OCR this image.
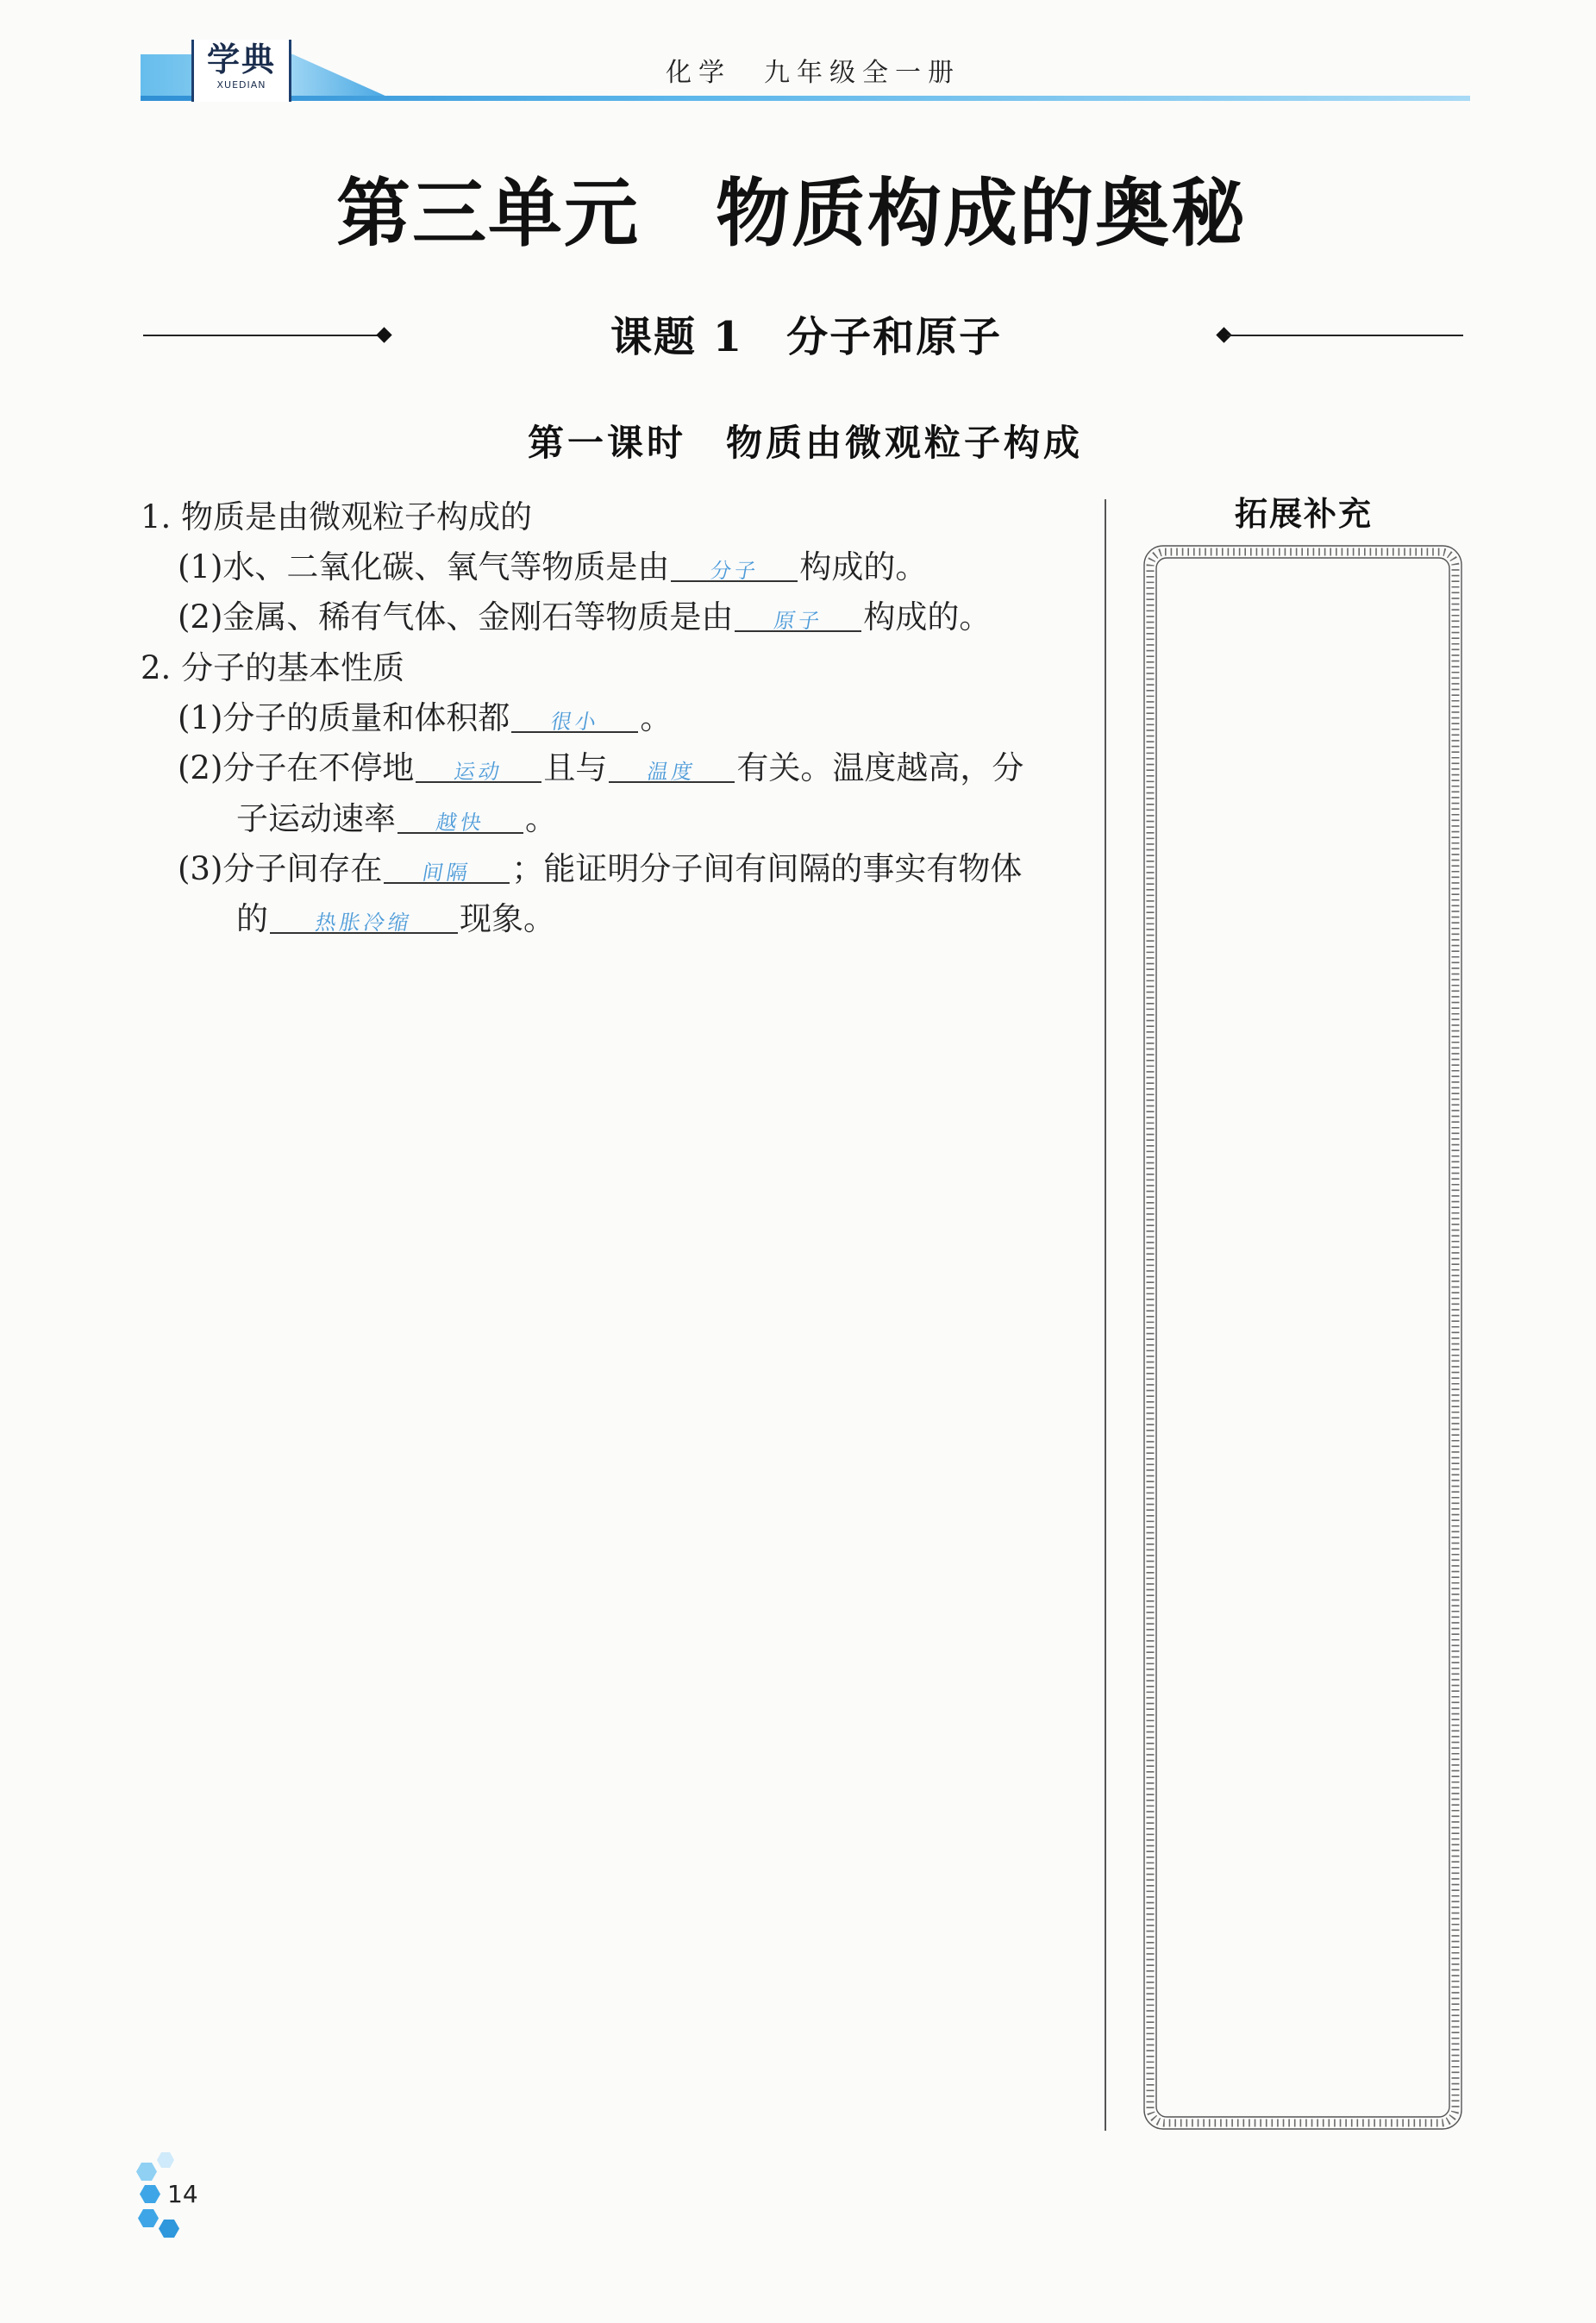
学典
XUEDIAN	化学　九年级全一册
第三单元　物质构成的奥秘
课题 1　分子和原子
第一课时　物质由微观粒子构成
1. 物质是由微观粒子构成的
(1)水、二氧化碳、氧气等物质是由 分子 构成的。
(2)金属、稀有气体、金刚石等物质是由 原子 构成的。
2. 分子的基本性质
(1)分子的质量和体积都 很小 。
(2)分子在不停地 运动 且与 温度 有关。温度越高，分
子运动速率 越快 。
(3)分子间存在 间隔 ；能证明分子间有间隔的事实有物体
的 热胀冷缩 现象。
拓展补充
14
